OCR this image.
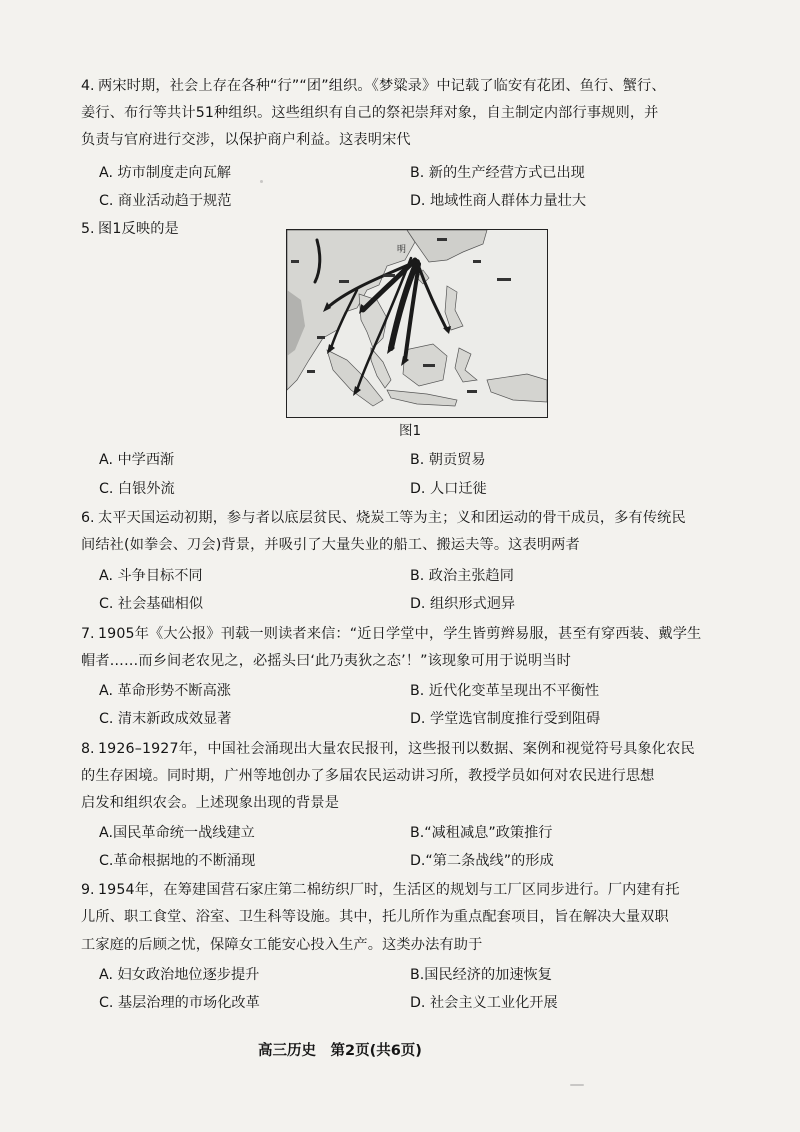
4. 两宋时期，社会上存在各种“行”“团”组织。《梦粱录》中记载了临安有花团、鱼行、蟹行、
姜行、布行等共计51种组织。这些组织有自己的祭祀崇拜对象，自主制定内部行事规则，并
负责与官府进行交涉，以保护商户利益。这表明宋代
A. 坊市制度走向瓦解	B. 新的生产经营方式已出现
C. 商业活动趋于规范	D. 地域性商人群体力量壮大
5. 图1反映的是
明
图1
A. 中学西渐	B. 朝贡贸易
C. 白银外流	D. 人口迁徙
6. 太平天国运动初期，参与者以底层贫民、烧炭工等为主；义和团运动的骨干成员，多有传统民
间结社(如拳会、刀会)背景，并吸引了大量失业的船工、搬运夫等。这表明两者
A. 斗争目标不同	B. 政治主张趋同
C. 社会基础相似	D. 组织形式迥异
7. 1905年《大公报》刊载一则读者来信：“近日学堂中，学生皆剪辫易服，甚至有穿西装、戴学生
帽者……而乡间老农见之，必摇头曰‘此乃夷狄之态’！”该现象可用于说明当时
A. 革命形势不断高涨	B. 近代化变革呈现出不平衡性
C. 清末新政成效显著	D. 学堂选官制度推行受到阻碍
8. 1926–1927年，中国社会涌现出大量农民报刊，这些报刊以数据、案例和视觉符号具象化农民
的生存困境。同时期，广州等地创办了多届农民运动讲习所，教授学员如何对农民进行思想
启发和组织农会。上述现象出现的背景是
A.国民革命统一战线建立	B.“减租减息”政策推行
C.革命根据地的不断涌现	D.“第二条战线”的形成
9. 1954年，在筹建国营石家庄第二棉纺织厂时，生活区的规划与工厂区同步进行。厂内建有托
儿所、职工食堂、浴室、卫生科等设施。其中，托儿所作为重点配套项目，旨在解决大量双职
工家庭的后顾之忧，保障女工能安心投入生产。这类办法有助于
A. 妇女政治地位逐步提升	B.国民经济的加速恢复
C. 基层治理的市场化改革	D. 社会主义工业化开展
高三历史　第2页(共6页)
